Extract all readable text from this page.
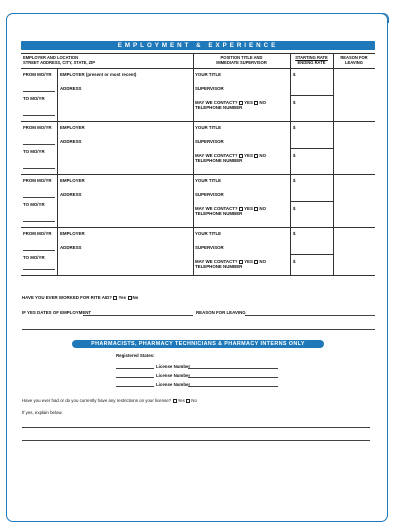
EMPLOYMENT & EXPERIENCE
EMPLOYER AND LOCATION
STREET ADDRESS, CITY, STATE, ZIP
POSITION TITLE AND
IMMEDIATE SUPERVISOR
STARTING RATE
ENDING RATE
REASON FOR
LEAVING
FROM MO/YR
TO MO/YR
EMPLOYER (present or most recent)
ADDRESS
YOUR TITLE
SUPERVISOR
MAY WE CONTACT? YES NO
TELEPHONE NUMBER
$
$
FROM MO/YR
TO MO/YR
EMPLOYER
ADDRESS
YOUR TITLE
SUPERVISOR
MAY WE CONTACT? YES NO
TELEPHONE NUMBER
$
$
FROM MO/YR
TO MO/YR
EMPLOYER
ADDRESS
YOUR TITLE
SUPERVISOR
MAY WE CONTACT? YES NO
TELEPHONE NUMBER
$
$
FROM MO/YR
TO MO/YR
EMPLOYER
ADDRESS
YOUR TITLE
SUPERVISOR
MAY WE CONTACT? YES NO
TELEPHONE NUMBER
$
$
HAVE YOU EVER WORKED FOR RITE AID? Yes No
IF YES DATES OF EMPLOYMENT	REASON FOR LEAVING
PHARMACISTS, PHARMACY TECHNICIANS & PHARMACY INTERNS ONLY
Registered States:
License Number
License Number
License Number
Have you ever had or do you currently have any restrictions on your license? Yes No
If yes, explain below.
